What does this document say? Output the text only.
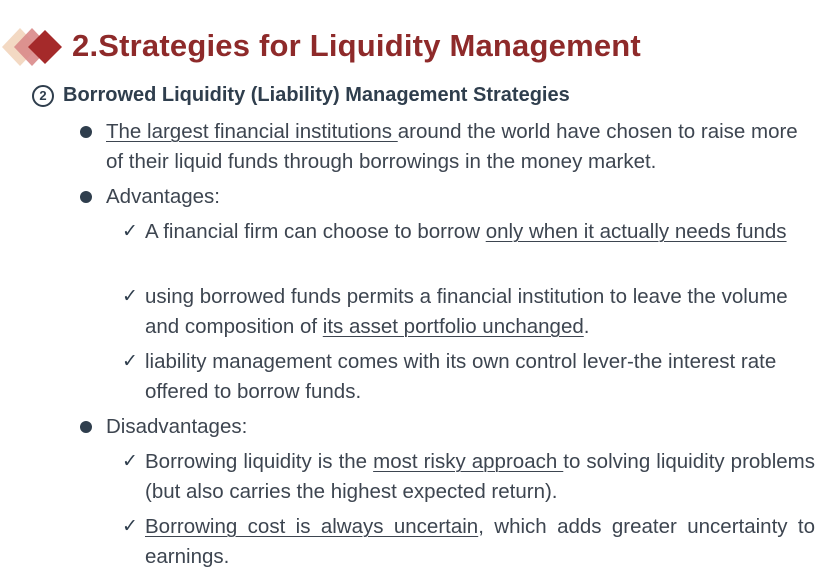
2.Strategies for Liquidity Management
2 Borrowed Liquidity (Liability) Management Strategies
The largest financial institutions around the world have chosen to raise more of their liquid funds through borrowings in the money market.
Advantages:
✓ A financial firm can choose to borrow only when it actually needs funds
✓ using borrowed funds permits a financial institution to leave the volume and composition of its asset portfolio unchanged.
✓ liability management comes with its own control lever-the interest rate offered to borrow funds.
Disadvantages:
✓ Borrowing liquidity is the most risky approach to solving liquidity problems (but also carries the highest expected return).
✓ Borrowing cost is always uncertain, which adds greater uncertainty to earnings.
